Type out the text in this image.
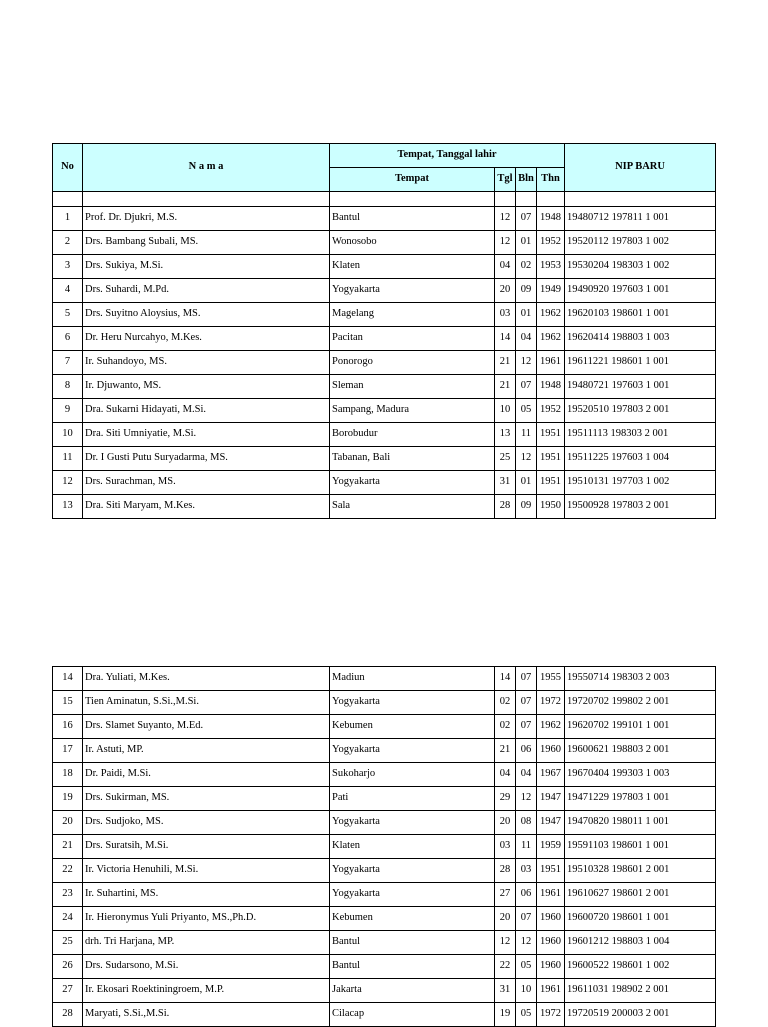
No	N a m a	Tempat, Tanggal lahir				NIP BARU
		Tempat	Tgl	Bln	Thn	

1	Prof. Dr. Djukri, M.S.	Bantul	12	07	1948	19480712 197811 1 001
2	Drs. Bambang Subali, MS.	Wonosobo	12	01	1952	19520112 197803 1 002
3	Drs. Sukiya, M.Si.	Klaten	04	02	1953	19530204 198303 1 002
4	Drs. Suhardi, M.Pd.	Yogyakarta	20	09	1949	19490920 197603 1 001
5	Drs. Suyitno Aloysius, MS.	Magelang	03	01	1962	19620103 198601 1 001
6	Dr. Heru Nurcahyo, M.Kes.	Pacitan	14	04	1962	19620414 198803 1 003
7	Ir. Suhandoyo, MS.	Ponorogo	21	12	1961	19611221 198601 1 001
8	Ir. Djuwanto, MS.	Sleman	21	07	1948	19480721 197603 1 001
9	Dra. Sukarni Hidayati, M.Si.	Sampang, Madura	10	05	1952	19520510 197803 2 001
10	Dra. Siti Umniyatie, M.Si.	Borobudur	13	11	1951	19511113 198303 2 001
11	Dr. I Gusti Putu Suryadarma, MS.	Tabanan, Bali	25	12	1951	19511225 197603 1 004
12	Drs. Surachman, MS.	Yogyakarta	31	01	1951	19510131 197703 1 002
13	Dra. Siti Maryam, M.Kes.	Sala	28	09	1950	19500928 197803 2 001
14	Dra. Yuliati, M.Kes.	Madiun	14	07	1955	19550714 198303 2 003
15	Tien Aminatun, S.Si.,M.Si.	Yogyakarta	02	07	1972	19720702 199802 2 001
16	Drs. Slamet Suyanto, M.Ed.	Kebumen	02	07	1962	19620702 199101 1 001
17	Ir. Astuti, MP.	Yogyakarta	21	06	1960	19600621 198803 2 001
18	Dr. Paidi, M.Si.	Sukoharjo	04	04	1967	19670404 199303 1 003
19	Drs. Sukirman, MS.	Pati	29	12	1947	19471229 197803 1 001
20	Drs. Sudjoko, MS.	Yogyakarta	20	08	1947	19470820 198011 1 001
21	Drs. Suratsih, M.Si.	Klaten	03	11	1959	19591103 198601 1 001
22	Ir. Victoria Henuhili, M.Si.	Yogyakarta	28	03	1951	19510328 198601 2 001
23	Ir. Suhartini, MS.	Yogyakarta	27	06	1961	19610627 198601 2 001
24	Ir. Hieronymus Yuli Priyanto, MS.,Ph.D.	Kebumen	20	07	1960	19600720 198601 1 001
25	drh. Tri Harjana, MP.	Bantul	12	12	1960	19601212 198803 1 004
26	Drs. Sudarsono, M.Si.	Bantul	22	05	1960	19600522 198601 1 002
27	Ir. Ekosari Roektiningroem, M.P.	Jakarta	31	10	1961	19611031 198902 2 001
28	Maryati, S.Si.,M.Si.	Cilacap	19	05	1972	19720519 200003 2 001
